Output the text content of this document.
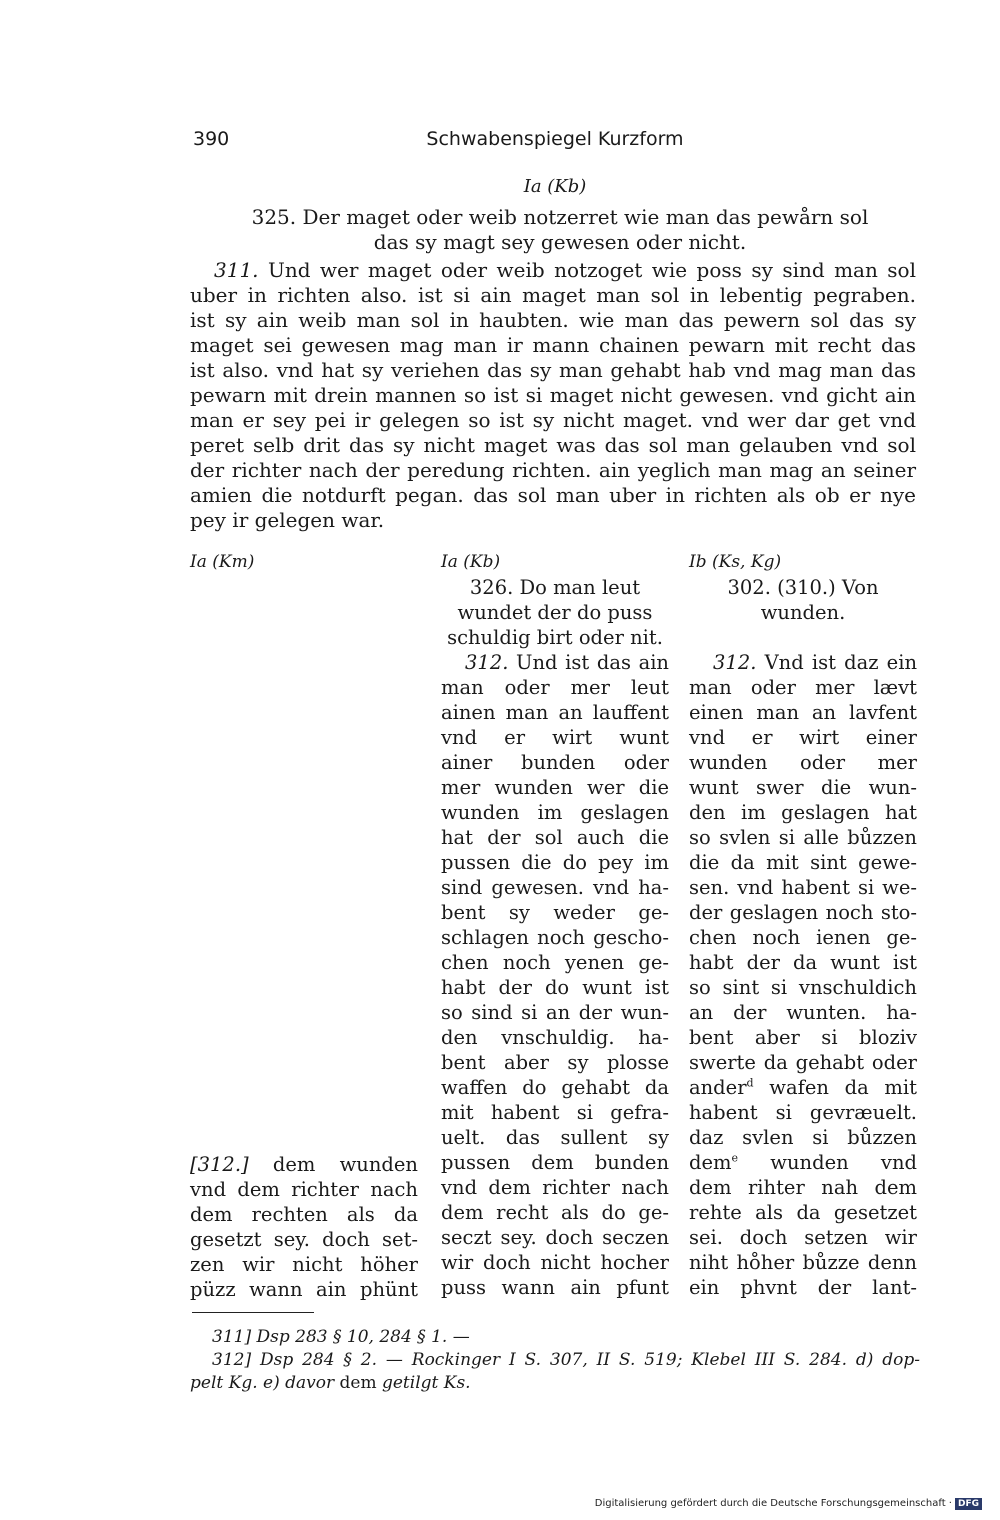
390	Schwabenspiegel Kurzform
Ia (Kb)
325. Der maget oder weib notzerret wie man das pewårn sol
das sy magt sey gewesen oder nicht.
311. Und wer maget oder weib notzoget wie poss sy sind man sol
uber in richten also. ist si ain maget man sol in lebentig pegraben.
ist sy ain weib man sol in haubten. wie man das pewern sol das sy
maget sei gewesen mag man ir mann chainen pewarn mit recht das
ist also. vnd hat sy veriehen das sy man gehabt hab vnd mag man das
pewarn mit drein mannen so ist si maget nicht gewesen. vnd gicht ain
man er sey pei ir gelegen so ist sy nicht maget. vnd wer dar get vnd
peret selb drit das sy nicht maget was das sol man gelauben vnd sol
der richter nach der peredung richten. ain yeglich man mag an seiner
amien die notdurft pegan. das sol man uber in richten als ob er nye
pey ir gelegen war.
Ia (Km)	Ia (Kb)	Ib (Ks, Kg)
[312.] dem wunden
vnd dem richter nach
dem rechten als da
gesetzt sey. doch set-
zen wir nicht höher
püzz wann ain phünt
326. Do man leut
wundet der do puss
schuldig birt oder nit.
312. Und ist das ain
man oder mer leut
ainen man an lauffent
vnd er wirt wunt
ainer bunden oder
mer wunden wer die
wunden im geslagen
hat der sol auch die
pussen die do pey im
sind gewesen. vnd ha-
bent sy weder ge-
schlagen noch gescho-
chen noch yenen ge-
habt der do wunt ist
so sind si an der wun-
den vnschuldig. ha-
bent aber sy plosse
waffen do gehabt da
mit habent si gefra-
uelt. das sullent sy
pussen dem bunden
vnd dem richter nach
dem recht als do ge-
seczt sey. doch seczen
wir doch nicht hocher
puss wann ain pfunt
302. (310.) Von
wunden.
312. Vnd ist daz ein
man oder mer lævt
einen man an lavfent
vnd er wirt einer
wunden oder mer
wunt swer die wun-
den im geslagen hat
so svlen si alle bůzzen
die da mit sint gewe-
sen. vnd habent si we-
der geslagen noch sto-
chen noch ienen ge-
habt der da wunt ist
so sint si vnschuldich
an der wunten. ha-
bent aber si bloziv
swerte da gehabt oder
ander$^d$ wafen da mit
habent si gevræuelt.
daz svlen si bůzzen
dem$^e$ wunden vnd
dem rihter nah dem
rehte als da gesetzet
sei. doch setzen wir
niht ho̊her bůzze denn
ein phvnt der lant-
311] Dsp 283 § 10, 284 § 1. —
312] Dsp 284 § 2. — Rockinger I S. 307, II S. 519; Klebel III S. 284. d) dop-
pelt Kg. e) davor dem getilgt Ks.
Digitalisierung gefördert durch die Deutsche Forschungsgemeinschaft · DFG
